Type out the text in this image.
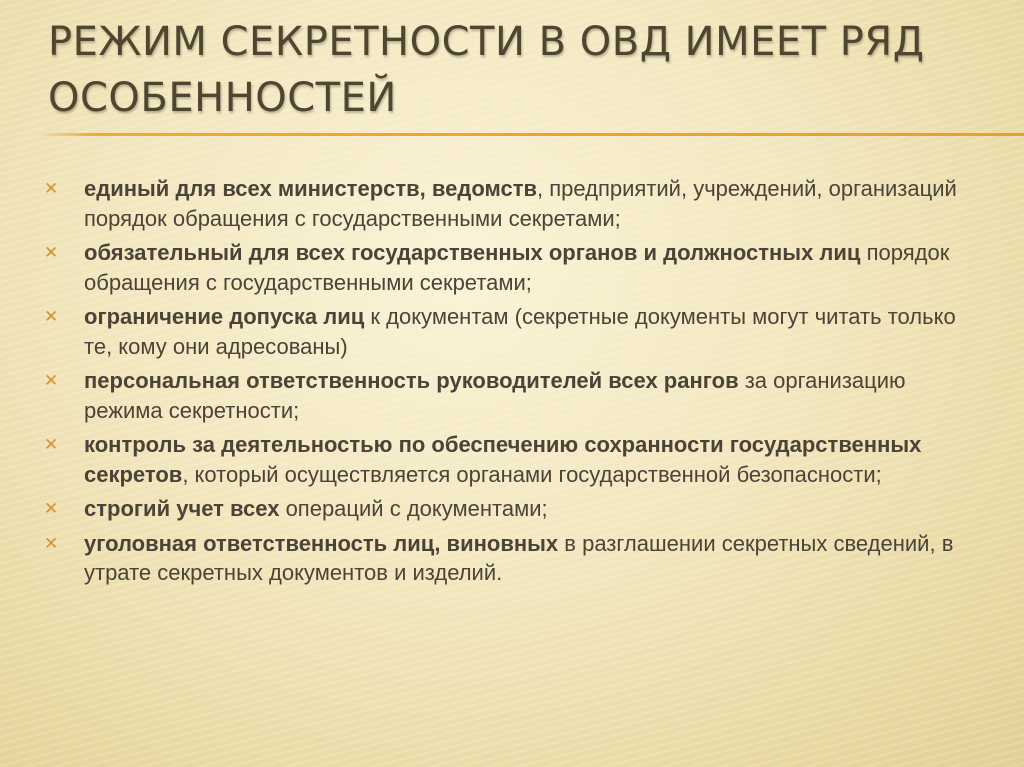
РЕЖИМ СЕКРЕТНОСТИ В ОВД ИМЕЕТ РЯД ОСОБЕННОСТЕЙ
✕ единый для всех министерств, ведомств, предприятий, учреждений, организаций порядок обращения с государственными секретами;
✕ обязательный для всех государственных органов и должностных лиц порядок обращения с государственными секретами;
✕ ограничение допуска лиц к документам (секретные документы могут читать только те, кому они адресованы)
✕ персональная ответственность руководителей всех рангов за организацию режима секретности;
✕ контроль за деятельностью по обеспечению сохранности государственных секретов, который осуществляется органами государственной безопасности;
✕ строгий учет всех операций с документами;
✕ уголовная ответственность лиц, виновных в разглашении секретных сведений, в утрате секретных документов и изделий.
